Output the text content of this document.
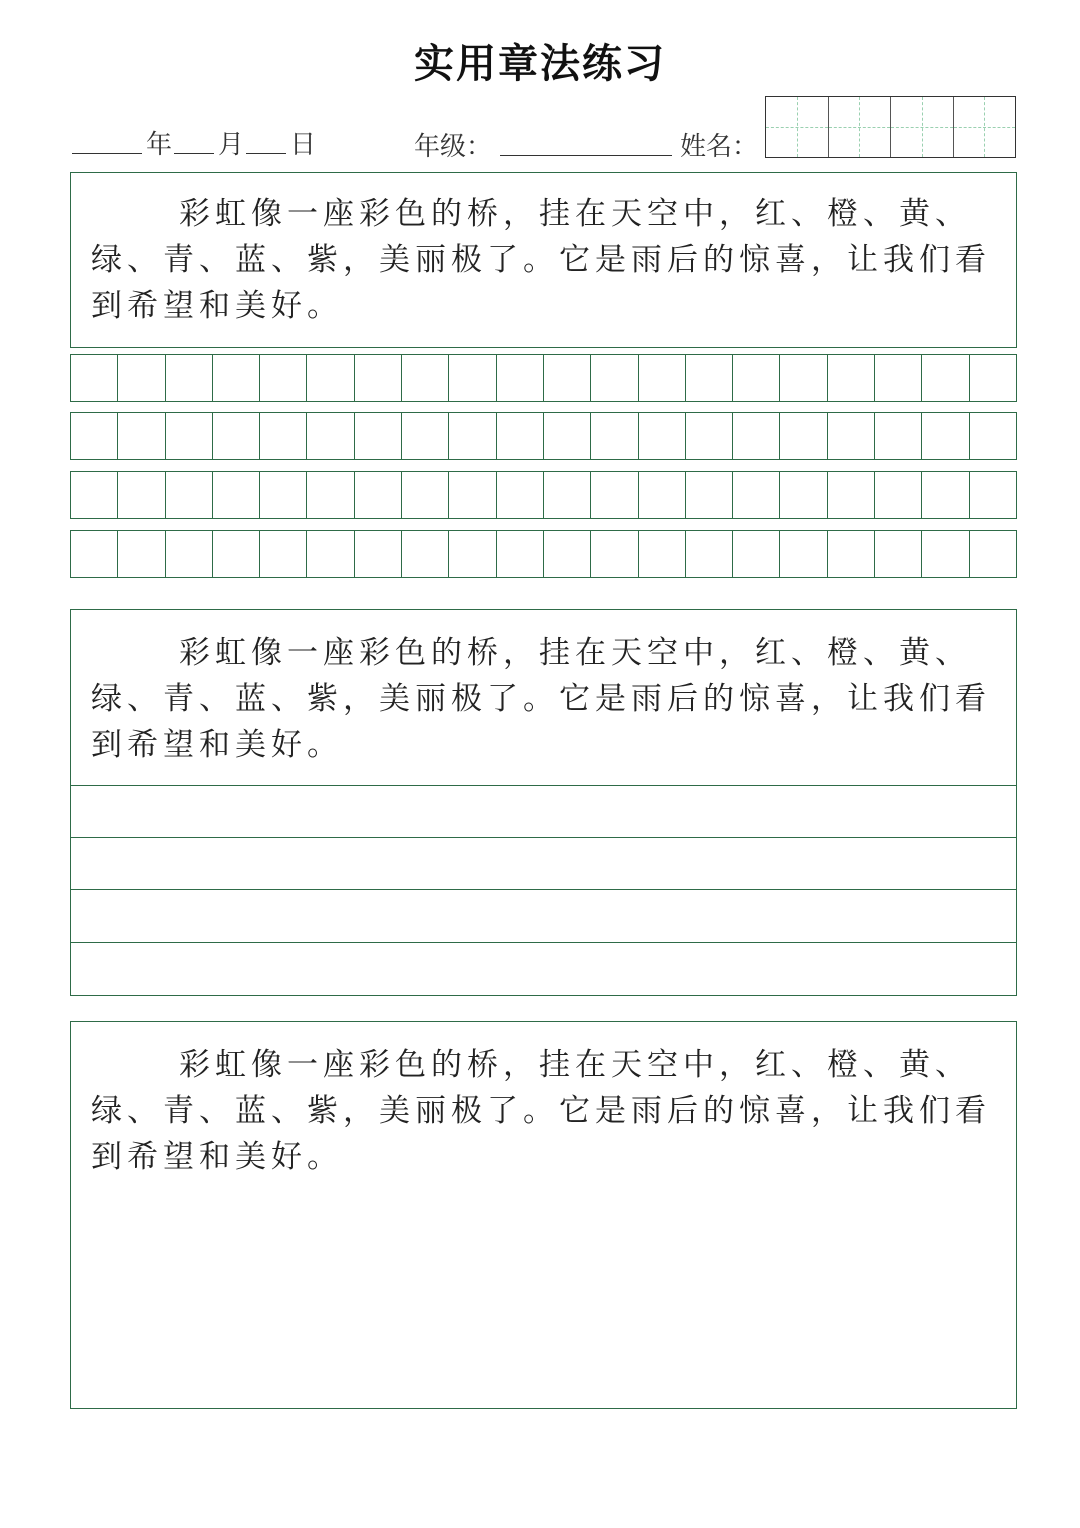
实用章法练习
年 月 日	年级：	姓名：
彩虹像一座彩色的桥，挂在天空中，红、橙、黄、绿、青、蓝、紫，美丽极了。它是雨后的惊喜，让我们看到希望和美好。
彩虹像一座彩色的桥，挂在天空中，红、橙、黄、绿、青、蓝、紫，美丽极了。它是雨后的惊喜，让我们看到希望和美好。
彩虹像一座彩色的桥，挂在天空中，红、橙、黄、绿、青、蓝、紫，美丽极了。它是雨后的惊喜，让我们看到希望和美好。
